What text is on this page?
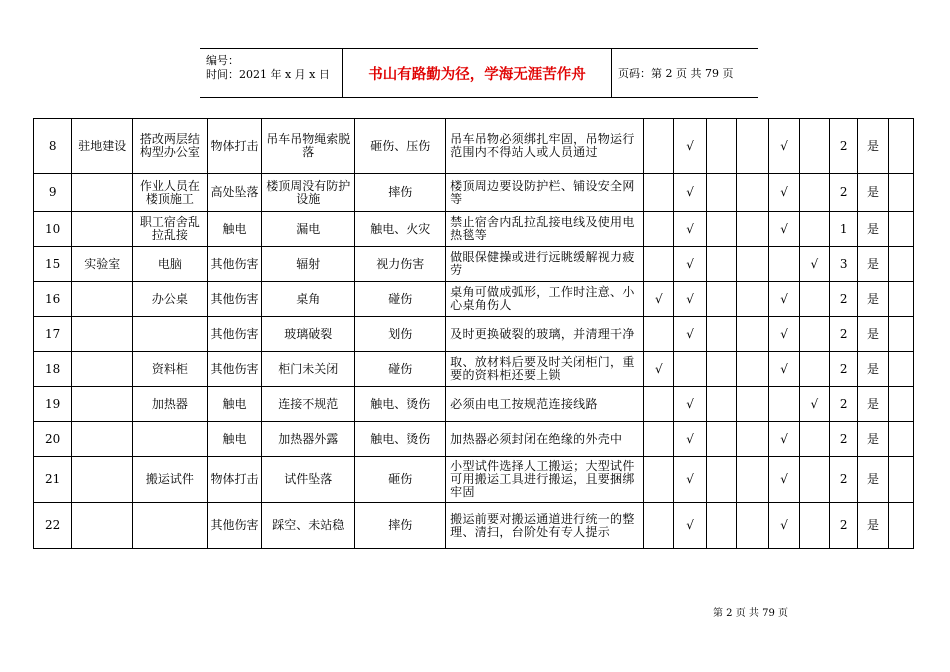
编号：
时间：2021 年 x 月 x 日	书山有路勤为径，学海无涯苦作舟	页码：第 2 页 共 79 页
8	驻地建设	搭改两层结构型办公室	物体打击	吊车吊物绳索脱落	砸伤、压伤	吊车吊物必须绑扎牢固，吊物运行范围内不得站人或人员通过		√			√		2	是	
9		作业人员在楼顶施工	高处坠落	楼顶周没有防护设施	摔伤	楼顶周边要设防护栏、铺设安全网等		√			√		2	是	
10		职工宿舍乱拉乱接	触电	漏电	触电、火灾	禁止宿舍内乱拉乱接电线及使用电热毯等		√			√		1	是	
15	实验室	电脑	其他伤害	辐射	视力伤害	做眼保健操或进行远眺缓解视力疲劳		√				√	3	是	
16		办公桌	其他伤害	桌角	碰伤	桌角可做成弧形，工作时注意、小心桌角伤人	√	√			√		2	是	
17			其他伤害	玻璃破裂	划伤	及时更换破裂的玻璃，并清理干净		√			√		2	是	
18		资料柜	其他伤害	柜门未关闭	碰伤	取、放材料后要及时关闭柜门，重要的资料柜还要上锁	√				√		2	是	
19		加热器	触电	连接不规范	触电、烫伤	必须由电工按规范连接线路		√				√	2	是	
20			触电	加热器外露	触电、烫伤	加热器必须封闭在绝缘的外壳中		√			√		2	是	
21		搬运试件	物体打击	试件坠落	砸伤	小型试件选择人工搬运；大型试件可用搬运工具进行搬运，且要捆绑牢固		√			√		2	是	
22			其他伤害	踩空、未站稳	摔伤	搬运前要对搬运通道进行统一的整理、清扫，台阶处有专人提示		√			√		2	是	
第 2 页 共 79 页
